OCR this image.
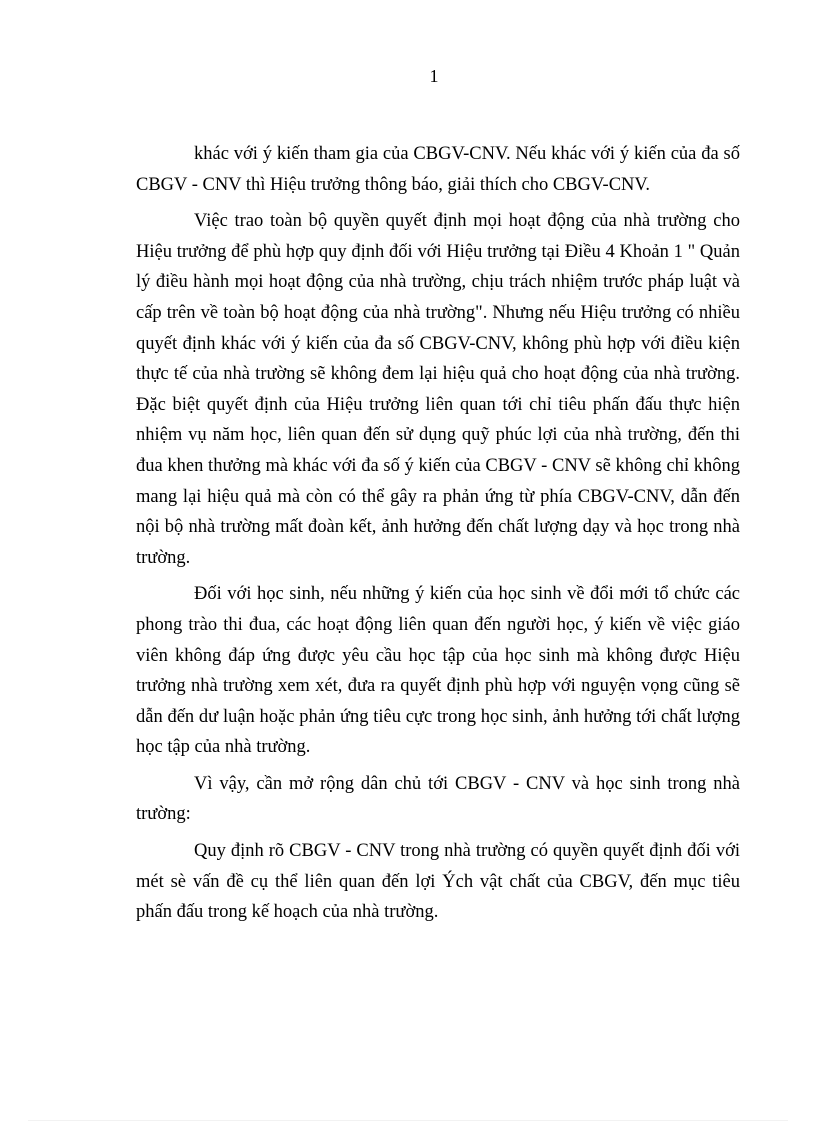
1

khác với ý kiến tham gia của CBGV-CNV. Nếu khác với ý kiến của đa số CBGV - CNV thì Hiệu trưởng thông báo, giải thích cho CBGV-CNV.

Việc trao toàn bộ quyền quyết định mọi hoạt động của nhà trường cho Hiệu trưởng để phù hợp quy định đối với Hiệu trưởng tại Điều 4 Khoản 1 " Quản lý điều hành mọi hoạt động của nhà trường, chịu trách nhiệm trước pháp luật và cấp trên về toàn bộ hoạt động của nhà trường". Nhưng nếu Hiệu trưởng có nhiều quyết định khác với ý kiến của đa số CBGV-CNV, không phù hợp với điều kiện thực tế của nhà trường sẽ không đem lại hiệu quả cho hoạt động của nhà trường. Đặc biệt quyết định của Hiệu trưởng liên quan tới chỉ tiêu phấn đấu thực hiện nhiệm vụ năm học, liên quan đến sử dụng quỹ phúc lợi của nhà trường, đến thi đua khen thưởng mà khác với đa số ý kiến của CBGV - CNV sẽ không chỉ không mang lại hiệu quả mà còn có thể gây ra phản ứng từ phía CBGV-CNV, dẫn đến nội bộ nhà trường mất đoàn kết, ảnh hưởng đến chất lượng dạy và học trong nhà trường.

Đối với học sinh, nếu những ý kiến của học sinh về đổi mới tổ chức các phong trào thi đua, các hoạt động liên quan đến người học, ý kiến về việc giáo viên không đáp ứng được yêu cầu học tập của học sinh mà không được Hiệu trưởng nhà trường xem xét, đưa ra quyết định phù hợp với nguyện vọng cũng sẽ dẫn đến dư luận hoặc phản ứng tiêu cực trong học sinh, ảnh hưởng tới chất lượng học tập của nhà trường.

Vì vậy, cần mở rộng dân chủ tới CBGV - CNV và học sinh trong nhà trường:

Quy định rõ CBGV - CNV trong nhà trường có quyền quyết định đối với mét sè vấn đề cụ thể liên quan đến lợi Ých vật chất của CBGV, đến mục tiêu phấn đấu trong kế hoạch của nhà trường.
